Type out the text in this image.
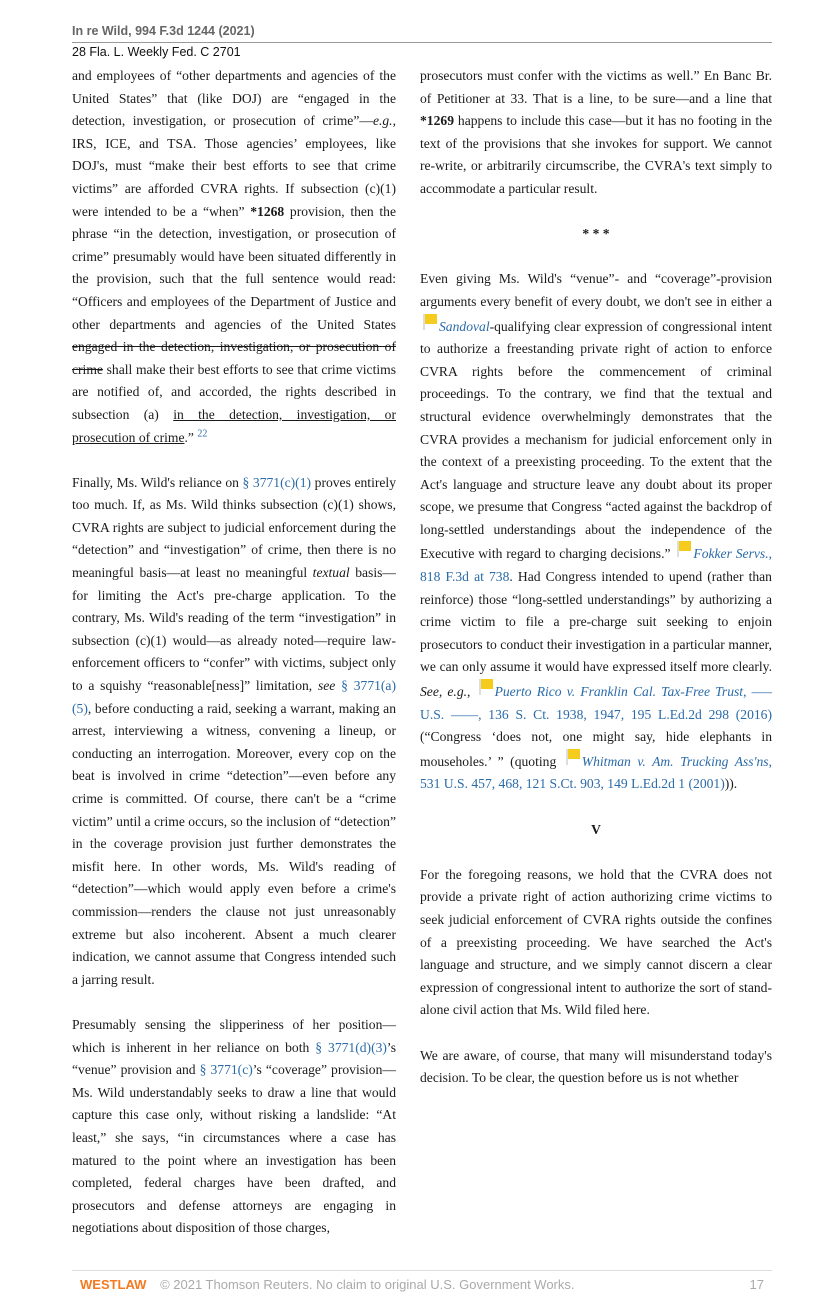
In re Wild, 994 F.3d 1244 (2021)
28 Fla. L. Weekly Fed. C 2701

and employees of “other departments and agencies of the United States” that (like DOJ) are “engaged in the detection, investigation, or prosecution of crime”—e.g., IRS, ICE, and TSA. Those agencies’ employees, like DOJ's, must “make their best efforts to see that crime victims” are afforded CVRA rights. If subsection (c)(1) were intended to be a “when” *1268 provision, then the phrase “in the detection, investigation, or prosecution of crime” presumably would have been situated differently in the provision, such that the full sentence would read: “Officers and employees of the Department of Justice and other departments and agencies of the United States engaged in the detection, investigation, or prosecution of crime shall make their best efforts to see that crime victims are notified of, and accorded, the rights described in subsection (a) in the detection, investigation, or prosecution of crime.” $^{22}$

Finally, Ms. Wild's reliance on § 3771(c)(1) proves entirely too much. If, as Ms. Wild thinks subsection (c)(1) shows, CVRA rights are subject to judicial enforcement during the “detection” and “investigation” of crime, then there is no meaningful basis—at least no meaningful textual basis—for limiting the Act's pre-charge application. To the contrary, Ms. Wild's reading of the term “investigation” in subsection (c)(1) would—as already noted—require law-enforcement officers to “confer” with victims, subject only to a squishy “reasonable[ness]” limitation, see § 3771(a)(5), before conducting a raid, seeking a warrant, making an arrest, interviewing a witness, convening a lineup, or conducting an interrogation. Moreover, every cop on the beat is involved in crime “detection”—even before any crime is committed. Of course, there can't be a “crime victim” until a crime occurs, so the inclusion of “detection” in the coverage provision just further demonstrates the misfit here. In other words, Ms. Wild's reading of “detection”—which would apply even before a crime's commission—renders the clause not just unreasonably extreme but also incoherent. Absent a much clearer indication, we cannot assume that Congress intended such a jarring result.

Presumably sensing the slipperiness of her position—which is inherent in her reliance on both § 3771(d)(3)’s “venue” provision and § 3771(c)’s “coverage” provision—Ms. Wild understandably seeks to draw a line that would capture this case only, without risking a landslide: “At least,” she says, “in circumstances where a case has matured to the point where an investigation has been completed, federal charges have been drafted, and prosecutors and defense attorneys are engaging in negotiations about disposition of those charges,

prosecutors must confer with the victims as well.” En Banc Br. of Petitioner at 33. That is a line, to be sure—and a line that *1269 happens to include this case—but it has no footing in the text of the provisions that she invokes for support. We cannot re-write, or arbitrarily circumscribe, the CVRA's text simply to accommodate a particular result.

* * *

Even giving Ms. Wild's “venue”- and “coverage”-provision arguments every benefit of every doubt, we don't see in either a Sandoval-qualifying clear expression of congressional intent to authorize a freestanding private right of action to enforce CVRA rights before the commencement of criminal proceedings. To the contrary, we find that the textual and structural evidence overwhelmingly demonstrates that the CVRA provides a mechanism for judicial enforcement only in the context of a preexisting proceeding. To the extent that the Act's language and structure leave any doubt about its proper scope, we presume that Congress “acted against the backdrop of long-settled understandings about the independence of the Executive with regard to charging decisions.” Fokker Servs., 818 F.3d at 738. Had Congress intended to upend (rather than reinforce) those “long-settled understandings” by authorizing a crime victim to file a pre-charge suit seeking to enjoin prosecutors to conduct their investigation in a particular manner, we can only assume it would have expressed itself more clearly. See, e.g., Puerto Rico v. Franklin Cal. Tax-Free Trust, ––– U.S. ––––, 136 S. Ct. 1938, 1947, 195 L.Ed.2d 298 (2016) (“Congress ‘does not, one might say, hide elephants in mouseholes.’ ” (quoting Whitman v. Am. Trucking Ass'ns, 531 U.S. 457, 468, 121 S.Ct. 903, 149 L.Ed.2d 1 (2001))).

V

For the foregoing reasons, we hold that the CVRA does not provide a private right of action authorizing crime victims to seek judicial enforcement of CVRA rights outside the confines of a preexisting proceeding. We have searched the Act's language and structure, and we simply cannot discern a clear expression of congressional intent to authorize the sort of stand-alone civil action that Ms. Wild filed here.

We are aware, of course, that many will misunderstand today's decision. To be clear, the question before us is not whether

WESTLAW © 2021 Thomson Reuters. No claim to original U.S. Government Works.	17
